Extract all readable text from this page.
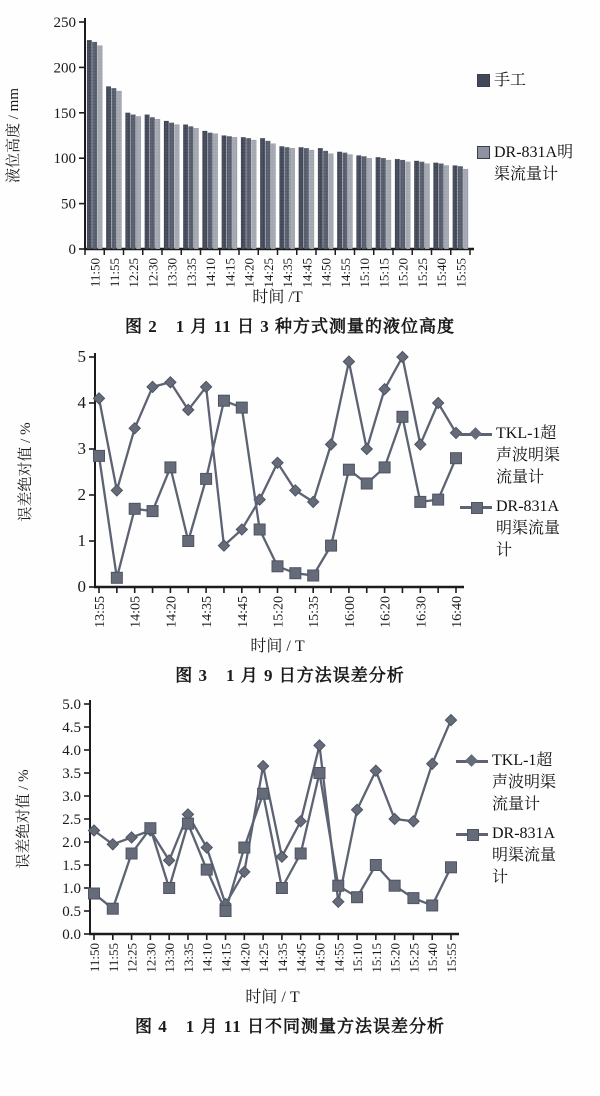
0
50
100
150
200
250
时间 /T
液位高度 / mm
11:50 11:55 12:25 12:30 13:30 13:35 14:10 14:15 14:20 14:25 14:35 14:45 14:50 14:55 15:10 15:15 15:20 15:25 15:40 15:55
手工
DR-831A明渠流量计
图 2　1 月 11 日 3 种方式测量的液位高度
0
1
2
3
4
5
时间 / T
误差绝对值 / %
13:55 14:05 14:20 14:35 14:45 15:20 15:35 16:00 16:20 16:30 16:40
TKL-1超声波明渠流量计
DR-831A明渠流量计
图 3　1 月 9 日方法误差分析
0.0
0.5
1.0
1.5
2.0
2.5
3.0
3.5
4.0
4.5
5.0
时间 / T
误差绝对值 / %
11:50 11:55 12:25 12:30 13:30 13:35 14:10 14:15 14:20 14:25 14:35 14:45 14:50 14:55 15:10 15:15 15:20 15:25 15:40 15:55
TKL-1超声波明渠流量计
DR-831A明渠流量计
图 4　1 月 11 日不同测量方法误差分析
